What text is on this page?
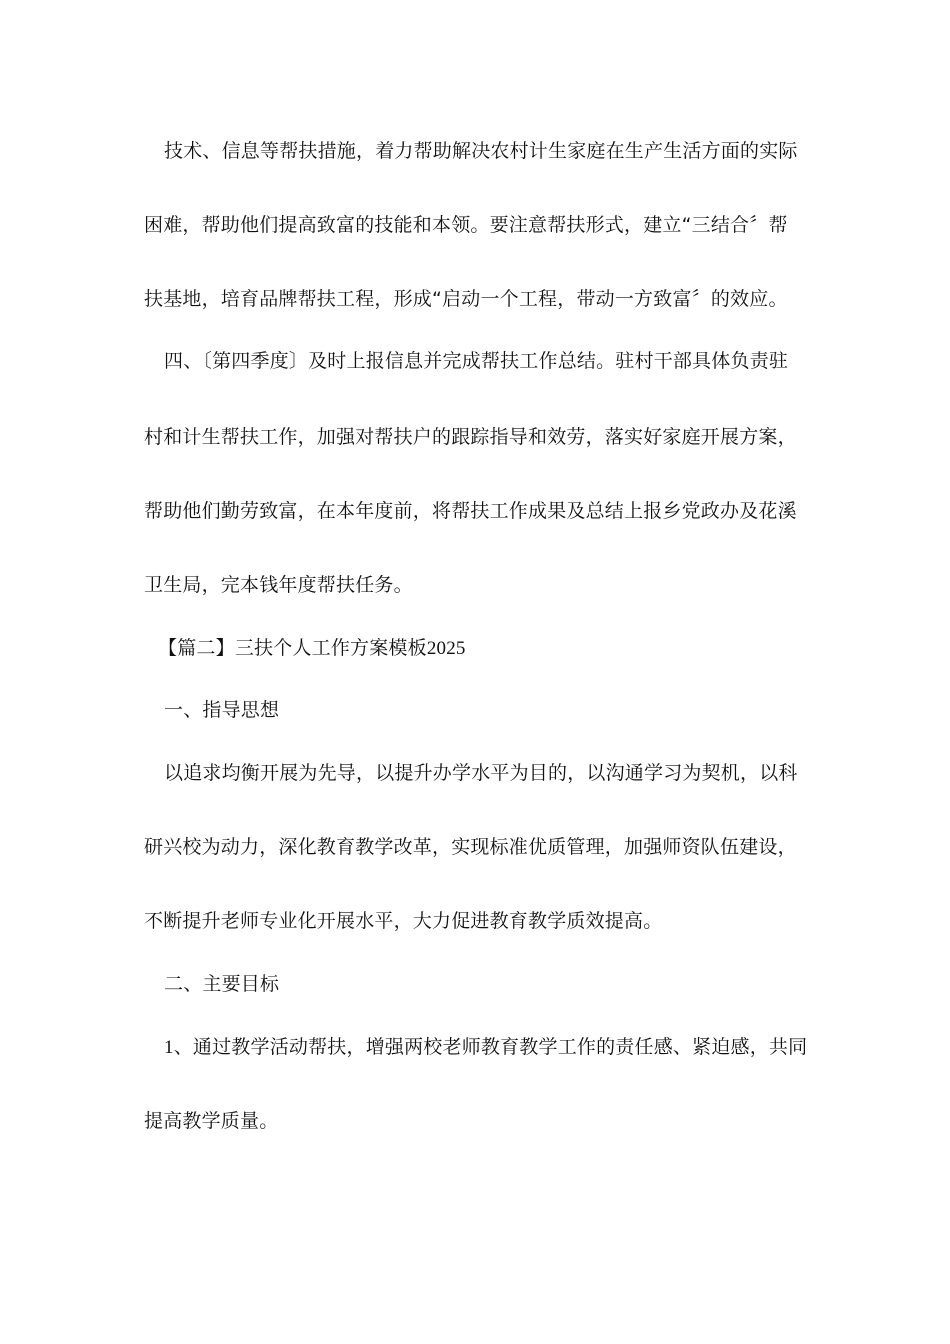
技术、信息等帮扶措施，着力帮助解决农村计生家庭在生产生活方面的实际
困难，帮助他们提高致富的技能和本领。要注意帮扶形式，建立“三结合〞帮
扶基地，培育品牌帮扶工程，形成“启动一个工程，带动一方致富〞的效应。
四、〔第四季度〕及时上报信息并完成帮扶工作总结。驻村干部具体负责驻
村和计生帮扶工作，加强对帮扶户的跟踪指导和效劳，落实好家庭开展方案，
帮助他们勤劳致富，在本年度前，将帮扶工作成果及总结上报乡党政办及花溪
卫生局，完本钱年度帮扶任务。
【篇二】三扶个人工作方案模板2025
一、指导思想
以追求均衡开展为先导，以提升办学水平为目的，以沟通学习为契机，以科
研兴校为动力，深化教育教学改革，实现标准优质管理，加强师资队伍建设，
不断提升老师专业化开展水平，大力促进教育教学质效提高。
二、主要目标
1、通过教学活动帮扶，增强两校老师教育教学工作的责任感、紧迫感，共同
提高教学质量。
